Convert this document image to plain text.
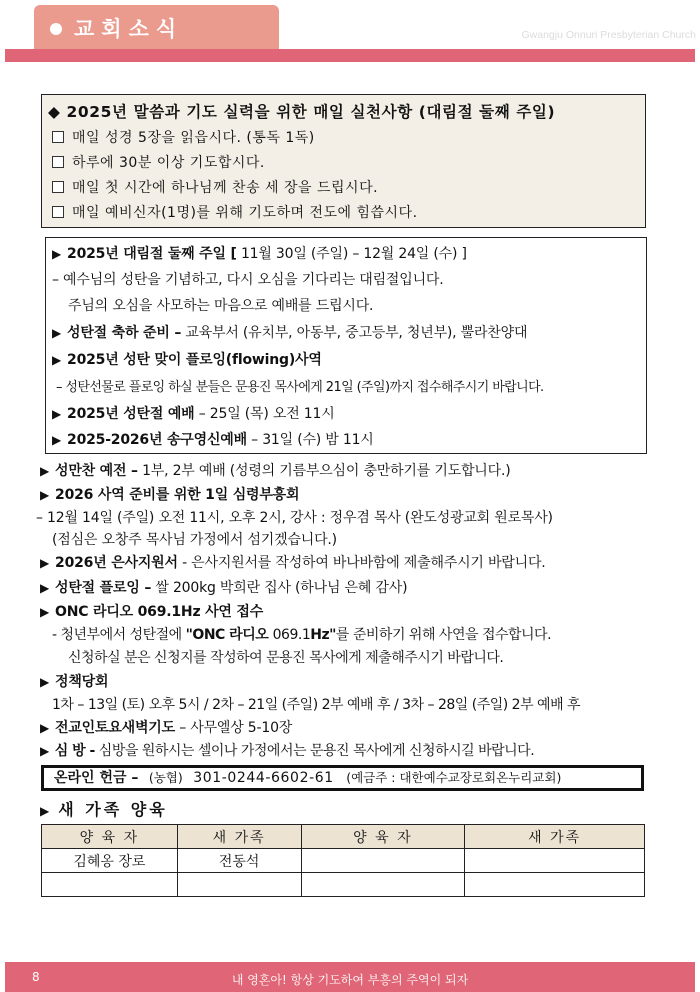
교회소식	Gwangju Onnuri Presbyterian Church
◆ 2025년 말씀과 기도 실력을 위한 매일 실천사항 (대림절 둘째 주일)
매일 성경 5장을 읽읍시다. (통독 1독)
하루에 30분 이상 기도합시다.
매일 첫 시간에 하나님께 찬송 세 장을 드립시다.
매일 예비신자(1명)를 위해 기도하며 전도에 힘씁시다.
▶ 2025년 대림절 둘째 주일 [ 11월 30일 (주일) – 12월 24일 (수) ]
– 예수님의 성탄을 기념하고, 다시 오심을 기다리는 대림절입니다.
주님의 오심을 사모하는 마음으로 예배를 드립시다.
▶ 성탄절 축하 준비 – 교육부서 (유치부, 아동부, 중고등부, 청년부), 뿔라찬양대
▶ 2025년 성탄 맞이 플로잉(flowing)사역
– 성탄선물로 플로잉 하실 분들은 문용진 목사에게 21일 (주일)까지 접수해주시기 바랍니다.
▶ 2025년 성탄절 예배 – 25일 (목) 오전 11시
▶ 2025-2026년 송구영신예배 – 31일 (수) 밤 11시
▶ 성만찬 예전 – 1부, 2부 예배 (성령의 기름부으심이 충만하기를 기도합니다.)
▶ 2026 사역 준비를 위한 1일 심령부흥회
– 12월 14일 (주일) 오전 11시, 오후 2시, 강사 : 정우겸 목사 (완도성광교회 원로목사)
(점심은 오창주 목사님 가정에서 섬기겠습니다.)
▶ 2026년 은사지원서 - 은사지원서를 작성하여 바나바함에 제출해주시기 바랍니다.
▶ 성탄절 플로잉 – 쌀 200kg 박희란 집사 (하나님 은혜 감사)
▶ ONC 라디오 069.1Hz 사연 접수
- 청년부에서 성탄절에 "ONC 라디오 069.1Hz"를 준비하기 위해 사연을 접수합니다.
신청하실 분은 신청지를 작성하여 문용진 목사에게 제출해주시기 바랍니다.
▶ 정책당회
1차 – 13일 (토) 오후 5시 / 2차 – 21일 (주일) 2부 예배 후 / 3차 – 28일 (주일) 2부 예배 후
▶ 전교인토요새벽기도 – 사무엘상 5-10장
▶ 심 방 - 심방을 원하시는 셀이나 가정에서는 문용진 목사에게 신청하시길 바랍니다.
온라인 헌금 – (농협) 301-0244-6602-61 (예금주 : 대한예수교장로회온누리교회)
▶ 새 가족 양육
양 육 자	새 가족	양 육 자	새 가족
김혜옹 장로	전동석		

8	내 영혼아! 항상 기도하여 부흥의 주역이 되자
